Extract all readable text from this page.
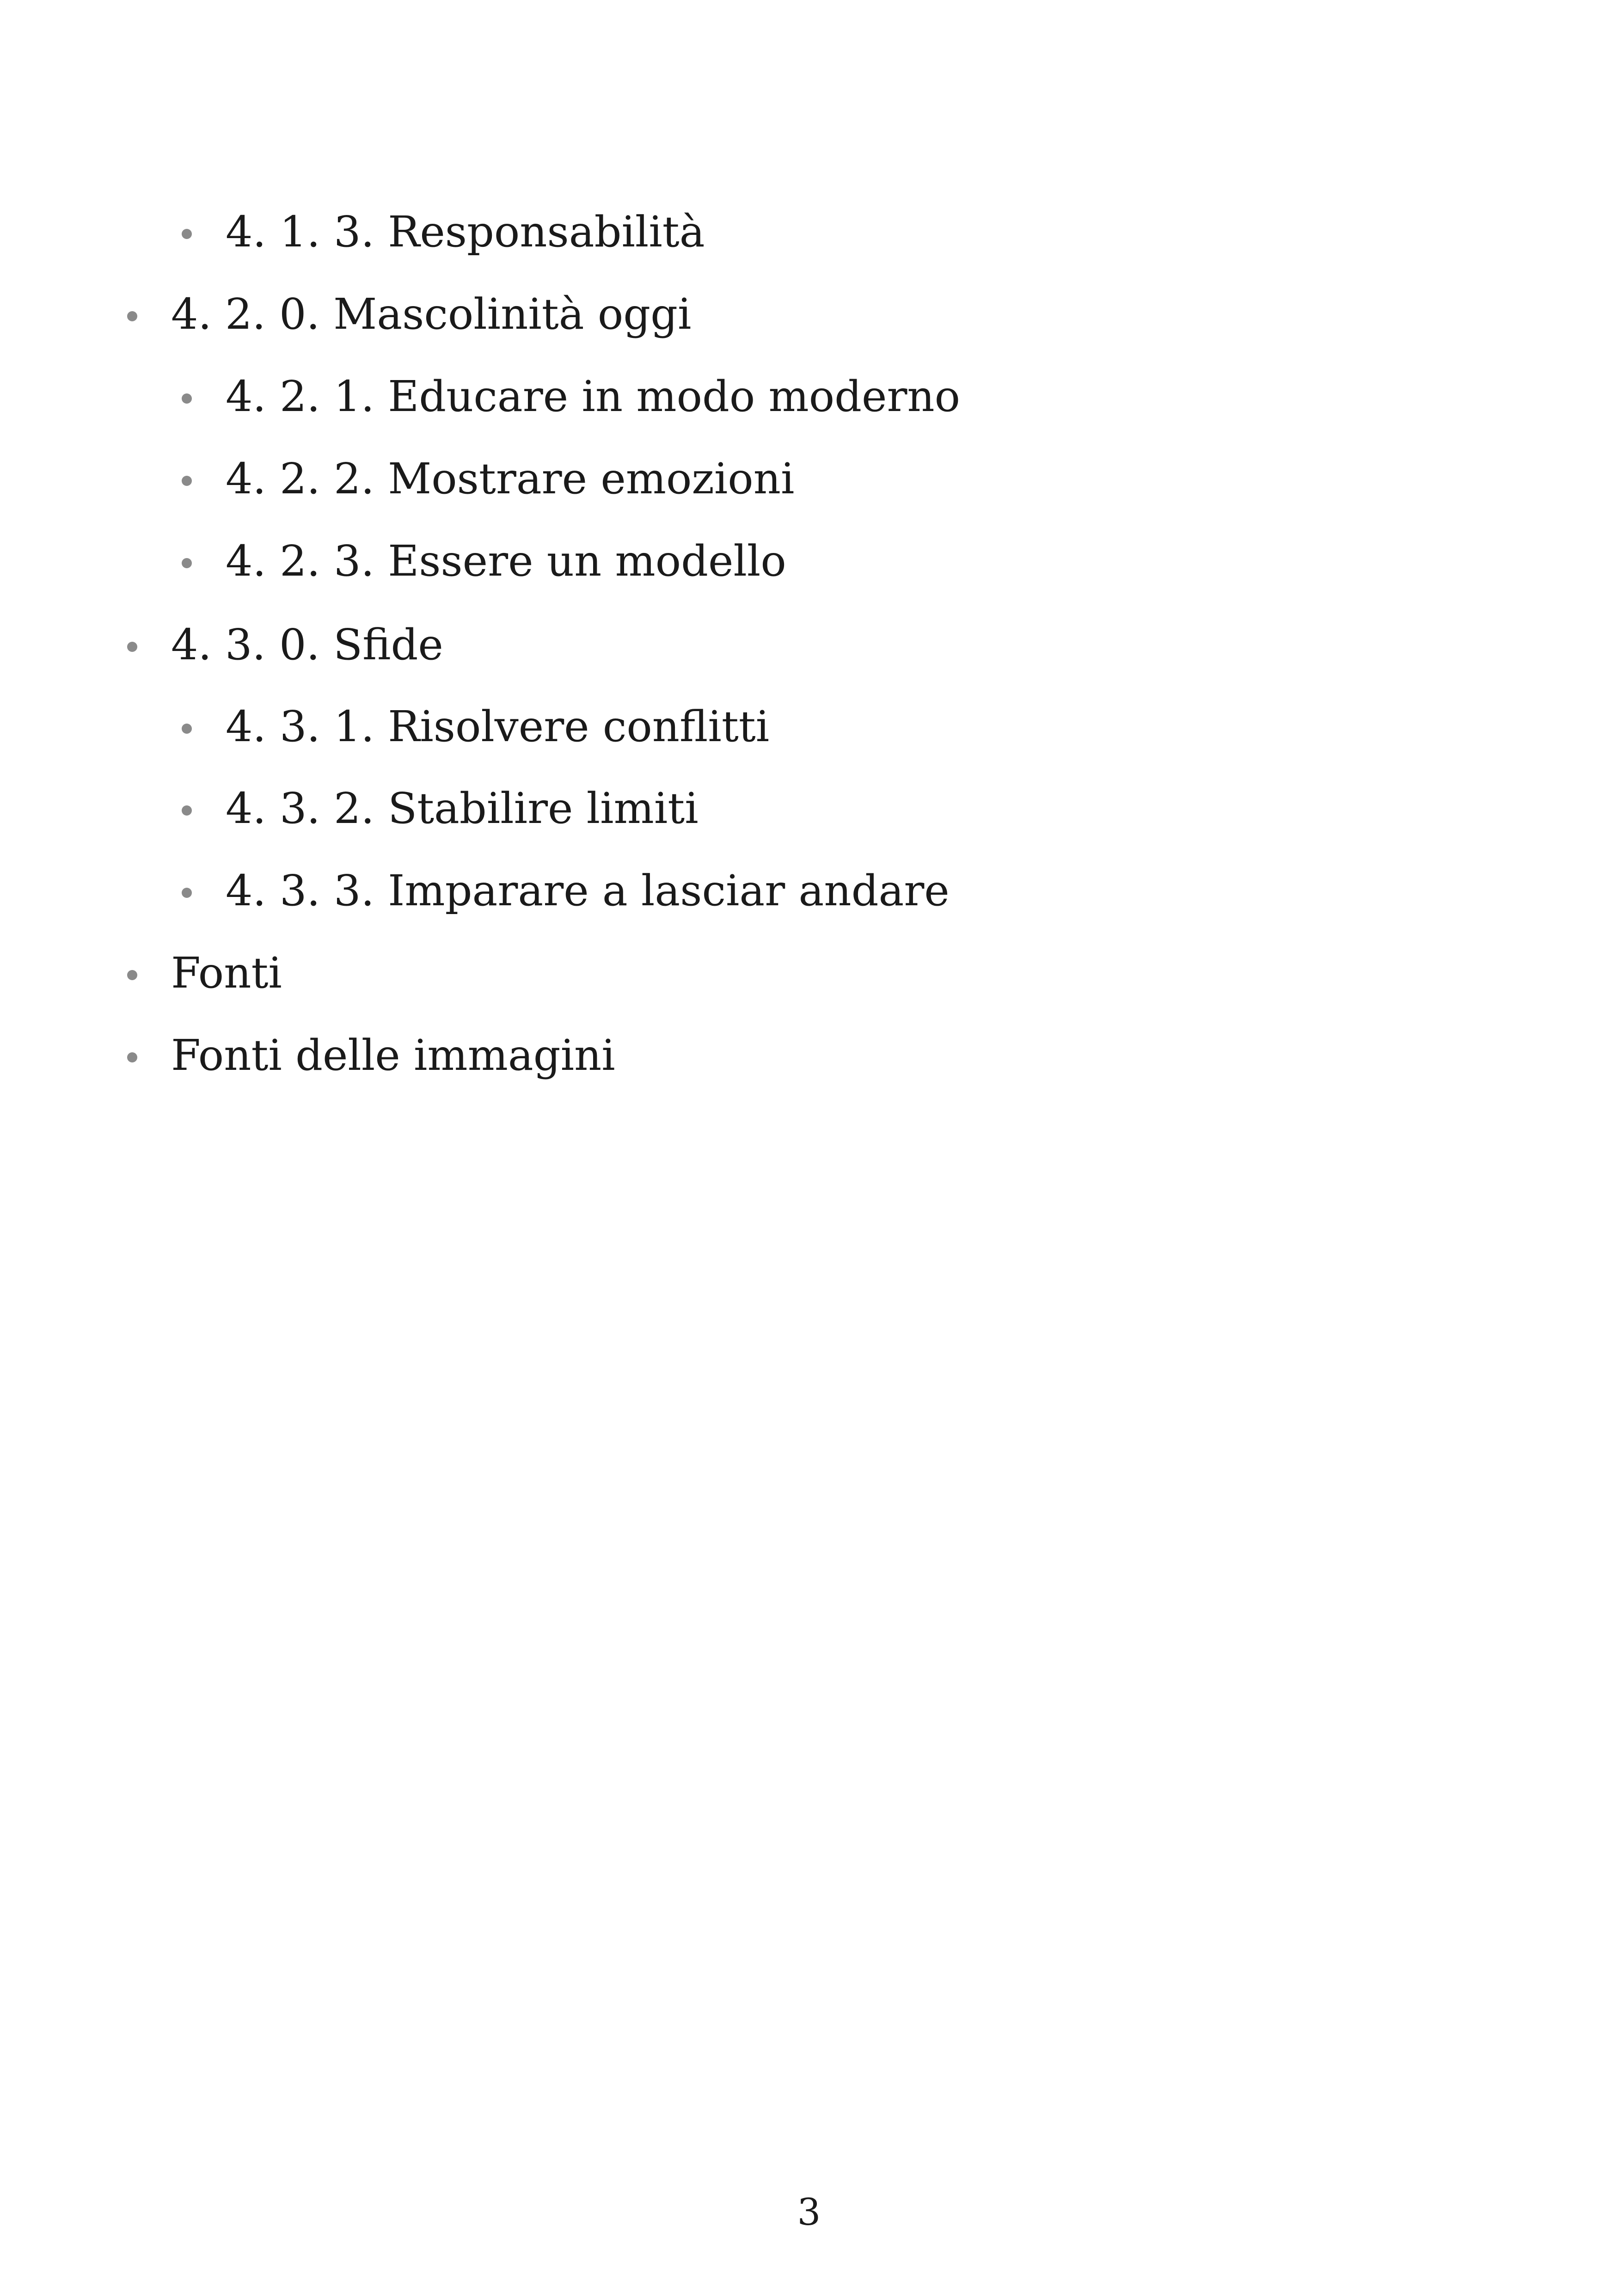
4. 1. 3. Responsabilità
4. 2. 0. Mascolinità oggi
4. 2. 1. Educare in modo moderno
4. 2. 2. Mostrare emozioni
4. 2. 3. Essere un modello
4. 3. 0. Sfide
4. 3. 1. Risolvere conflitti
4. 3. 2. Stabilire limiti
4. 3. 3. Imparare a lasciar andare
Fonti
Fonti delle immagini
3
